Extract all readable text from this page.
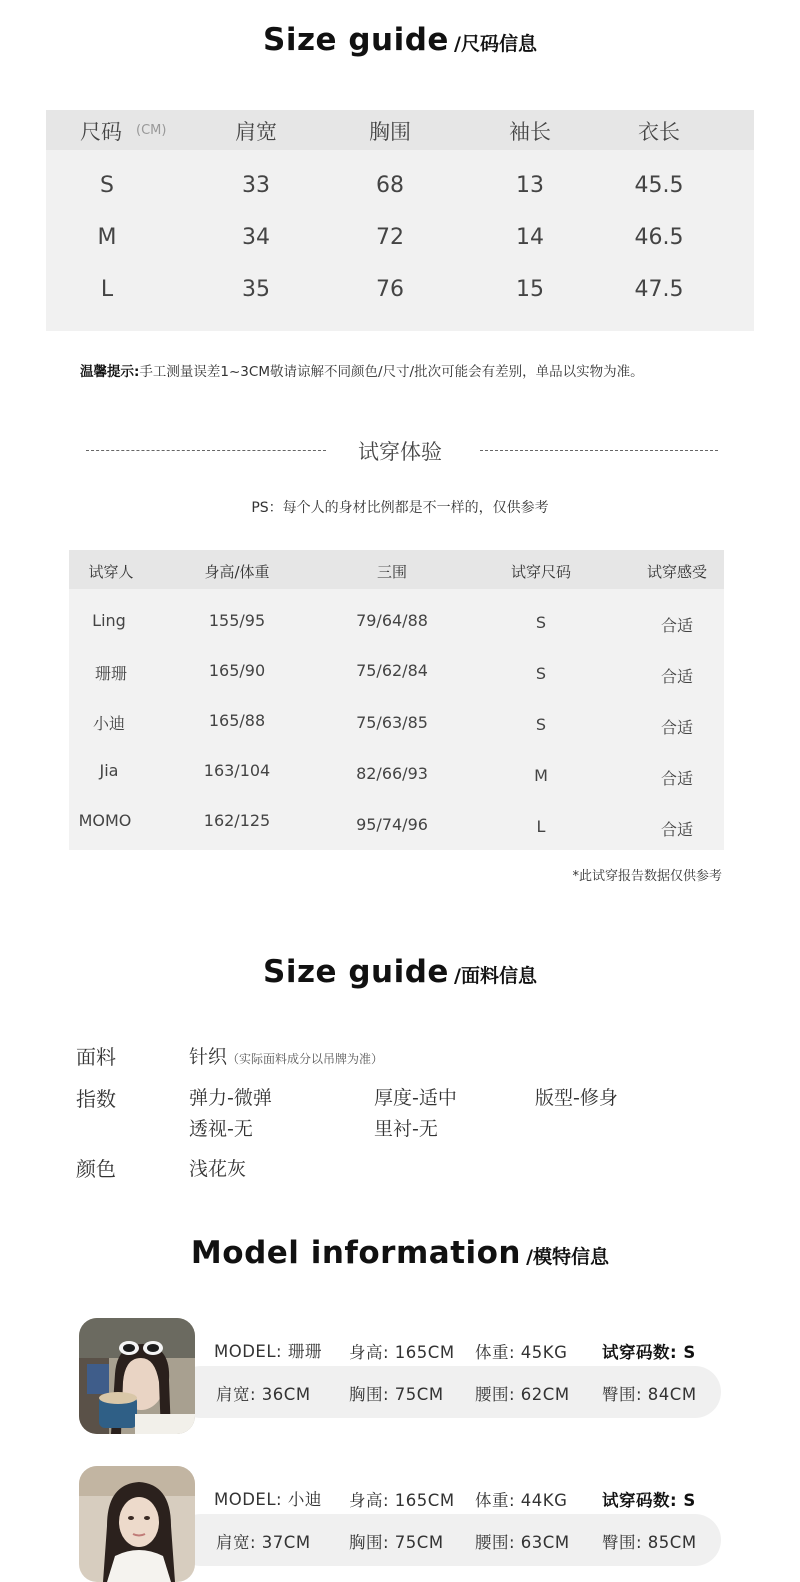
Size guide /尺码信息
尺码	(CM)	肩宽	胸围	袖长	衣长
S	33	68	13	45.5
M	34	72	14	46.5
L	35	76	15	47.5
温馨提示:手工测量误差1~3CM敬请谅解不同颜色/尺寸/批次可能会有差别，单品以实物为准。
试穿体验
PS：每个人的身材比例都是不一样的，仅供参考
试穿人	身高/体重	三围	试穿尺码	试穿感受
Ling	155/95	79/64/88	S	合适
珊珊	165/90	75/62/84	S	合适
小迪	165/88	75/63/85	S	合适
Jia	163/104	82/66/93	M	合适
MOMO	162/125	95/74/96	L	合适
*此试穿报告数据仅供参考
Size guide /面料信息
面料	针织（实际面料成分以吊牌为准）
指数	弹力-微弹	厚度-适中	版型-修身
透视-无	里衬-无
颜色	浅花灰
Model information /模特信息
MODEL: 珊珊 身高: 165CM 体重: 45KG 试穿码数: S
肩宽: 36CM 胸围: 75CM 腰围: 62CM 臀围: 84CM
MODEL: 小迪 身高: 165CM 体重: 44KG 试穿码数: S
肩宽: 37CM 胸围: 75CM 腰围: 63CM 臀围: 85CM
